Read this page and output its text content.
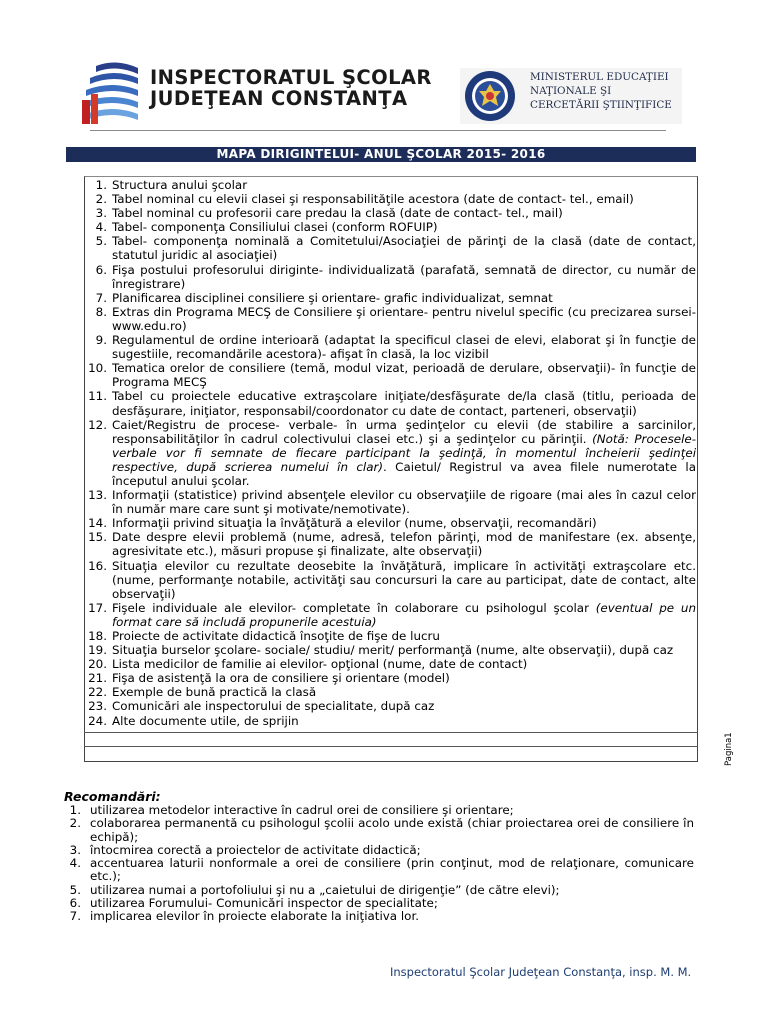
INSPECTORATUL ŞCOLAR
JUDEŢEAN CONSTANŢA
MINISTERUL EDUCAŢIEI
NAŢIONALE ŞI
CERCETĂRII ŞTIINŢIFICE
MAPA DIRIGINTELUI- ANUL ŞCOLAR 2015- 2016
1. Structura anului şcolar
2. Tabel nominal cu elevii clasei şi responsabilităţile acestora (date de contact- tel., email)
3. Tabel nominal cu profesorii care predau la clasă (date de contact- tel., mail)
4. Tabel- componenţa Consiliului clasei (conform ROFUIP)
5. Tabel- componenţa nominală a Comitetului/Asociaţiei de părinţi de la clasă (date de contact, statutul juridic al asociaţiei)
6. Fişa postului profesorului diriginte- individualizată (parafată, semnată de director, cu număr de înregistrare)
7. Planificarea disciplinei consiliere şi orientare- grafic individualizat, semnat
8. Extras din Programa MECŞ de Consiliere şi orientare- pentru nivelul specific (cu precizarea sursei- www.edu.ro)
9. Regulamentul de ordine interioară (adaptat la specificul clasei de elevi, elaborat şi în funcţie de sugestiile, recomandările acestora)- afişat în clasă, la loc vizibil
10. Tematica orelor de consiliere (temă, modul vizat, perioadă de derulare, observaţii)- în funcţie de Programa MECŞ
11. Tabel cu proiectele educative extraşcolare iniţiate/desfăşurate de/la clasă (titlu, perioada de desfăşurare, iniţiator, responsabil/coordonator cu date de contact, parteneri, observaţii)
12. Caiet/Registru de procese- verbale- în urma şedinţelor cu elevii (de stabilire a sarcinilor, responsabilităţilor în cadrul colectivului clasei etc.) şi a şedinţelor cu părinţii. (Notă: Procesele- verbale vor fi semnate de fiecare participant la şedinţă, în momentul încheierii şedinţei respective, după scrierea numelui în clar). Caietul/ Registrul va avea filele numerotate la începutul anului şcolar.
13. Informaţii (statistice) privind absenţele elevilor cu observaţiile de rigoare (mai ales în cazul celor în număr mare care sunt şi motivate/nemotivate).
14. Informaţii privind situaţia la învăţătură a elevilor (nume, observaţii, recomandări)
15. Date despre elevii problemă (nume, adresă, telefon părinţi, mod de manifestare (ex. absenţe, agresivitate etc.), măsuri propuse şi finalizate, alte observaţii)
16. Situaţia elevilor cu rezultate deosebite la învăţătură, implicare în activităţi extraşcolare etc. (nume, performanţe notabile, activităţi sau concursuri la care au participat, date de contact, alte observaţii)
17. Fişele individuale ale elevilor- completate în colaborare cu psihologul şcolar (eventual pe un format care să includă propunerile acestuia)
18. Proiecte de activitate didactică însoţite de fişe de lucru
19. Situaţia burselor şcolare- sociale/ studiu/ merit/ performanţă (nume, alte observaţii), după caz
20. Lista medicilor de familie ai elevilor- opţional (nume, date de contact)
21. Fişa de asistenţă la ora de consiliere şi orientare (model)
22. Exemple de bună practică la clasă
23. Comunicări ale inspectorului de specialitate, după caz
24. Alte documente utile, de sprijin
Pagina1
Recomandări:
1. utilizarea metodelor interactive în cadrul orei de consiliere şi orientare;
2. colaborarea permanentă cu psihologul şcolii acolo unde există (chiar proiectarea orei de consiliere în echipă);
3. întocmirea corectă a proiectelor de activitate didactică;
4. accentuarea laturii nonformale a orei de consiliere (prin conţinut, mod de relaţionare, comunicare etc.);
5. utilizarea numai a portofoliului şi nu a „caietului de dirigenţie” (de către elevi);
6. utilizarea Forumului- Comunicări inspector de specialitate;
7. implicarea elevilor în proiecte elaborate la iniţiativa lor.
Inspectoratul Şcolar Judeţean Constanţa, insp. M. M.
